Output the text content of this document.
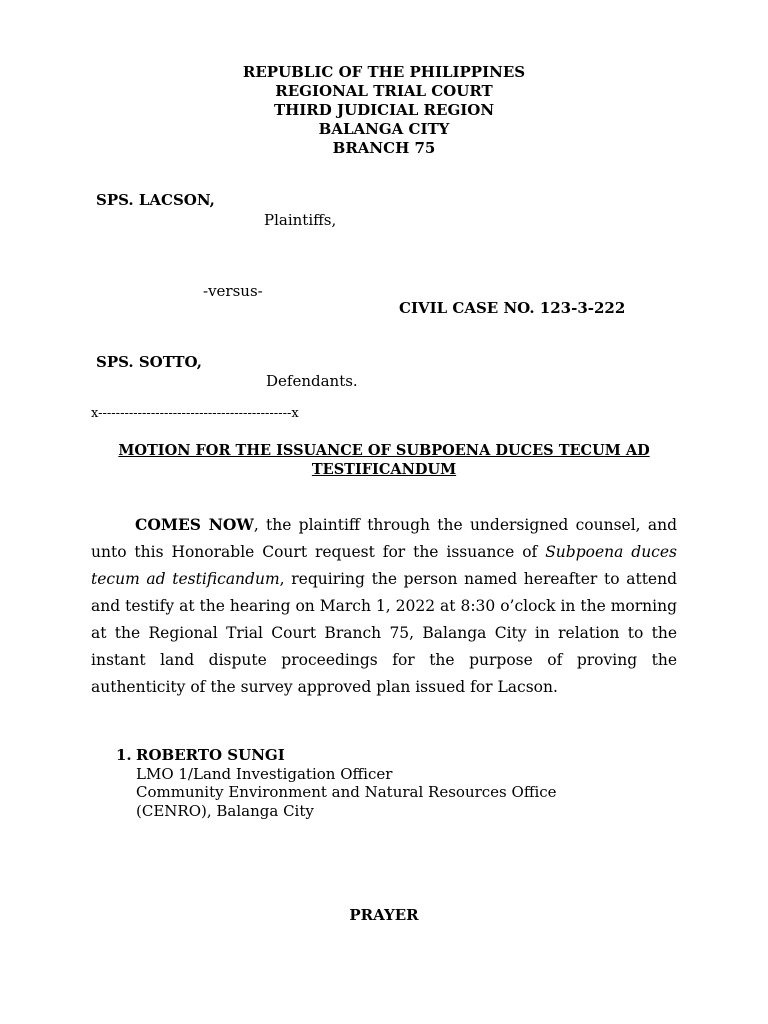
REPUBLIC OF THE PHILIPPINES
REGIONAL TRIAL COURT
THIRD JUDICIAL REGION
BALANGA CITY
BRANCH 75
SPS. LACSON,
Plaintiffs,
-versus-
CIVIL CASE NO. 123-3-222
SPS. SOTTO,
Defendants.
x--------------------------------------------x
MOTION FOR THE ISSUANCE OF SUBPOENA DUCES TECUM AD
TESTIFICANDUM
COMES NOW, the plaintiff through the undersigned counsel, and unto this Honorable Court request for the issuance of Subpoena duces tecum ad testificandum, requiring the person named hereafter to attend and testify at the hearing on March 1, 2022 at 8:30 o’clock in the morning at the Regional Trial Court Branch 75, Balanga City in relation to the instant land dispute proceedings for the purpose of proving the authenticity of the survey approved plan issued for Lacson.
1. ROBERTO SUNGI
LMO 1/Land Investigation Officer
Community Environment and Natural Resources Office
(CENRO), Balanga City
PRAYER
